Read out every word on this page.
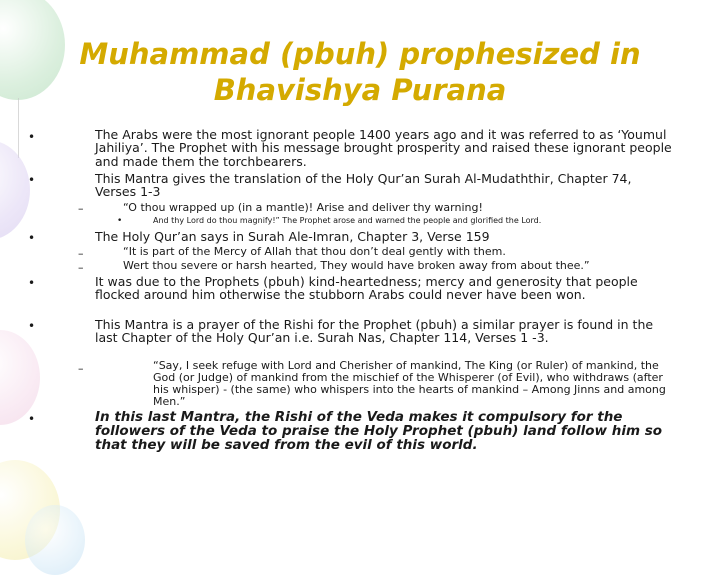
Muhammad (pbuh) prophesized in
Bhavishya Purana
•	The Arabs were the most ignorant people 1400 years ago and it was referred to as ‘Youmul Jahiliya’. The Prophet with his message brought prosperity and raised these ignorant people and made them the torchbearers.
•	This Mantra gives the translation of the Holy Qur’an Surah Al-Mudaththir, Chapter 74, Verses 1-3
–	“O thou wrapped up (in a mantle)! Arise and deliver thy warning!
•	And thy Lord do thou magnify!” The Prophet arose and warned the people and glorified the Lord.
•	The Holy Qur’an says in Surah Ale-Imran, Chapter 3, Verse 159
–	“It is part of the Mercy of Allah that thou don’t deal gently with them.
–	Wert thou severe or harsh hearted, They would have broken away from about thee.”
•	It was due to the Prophets (pbuh) kind-heartedness; mercy and generosity that people flocked around him otherwise the stubborn Arabs could never have been won.
•	This Mantra is a prayer of the Rishi for the Prophet (pbuh) a similar prayer is found in the last Chapter of the Holy Qur’an i.e. Surah Nas, Chapter 114, Verses 1 -3.
–	“Say, I seek refuge with Lord and Cherisher of mankind, The King (or Ruler) of mankind, the God (or Judge) of mankind from the mischief of the Whisperer (of Evil), who withdraws (after his whisper) - (the same) who whispers into the hearts of mankind – Among Jinns and among Men.”
•	In this last Mantra, the Rishi of the Veda makes it compulsory for the followers of the Veda to praise the Holy Prophet (pbuh) land follow him so that they will be saved from the evil of this world.
